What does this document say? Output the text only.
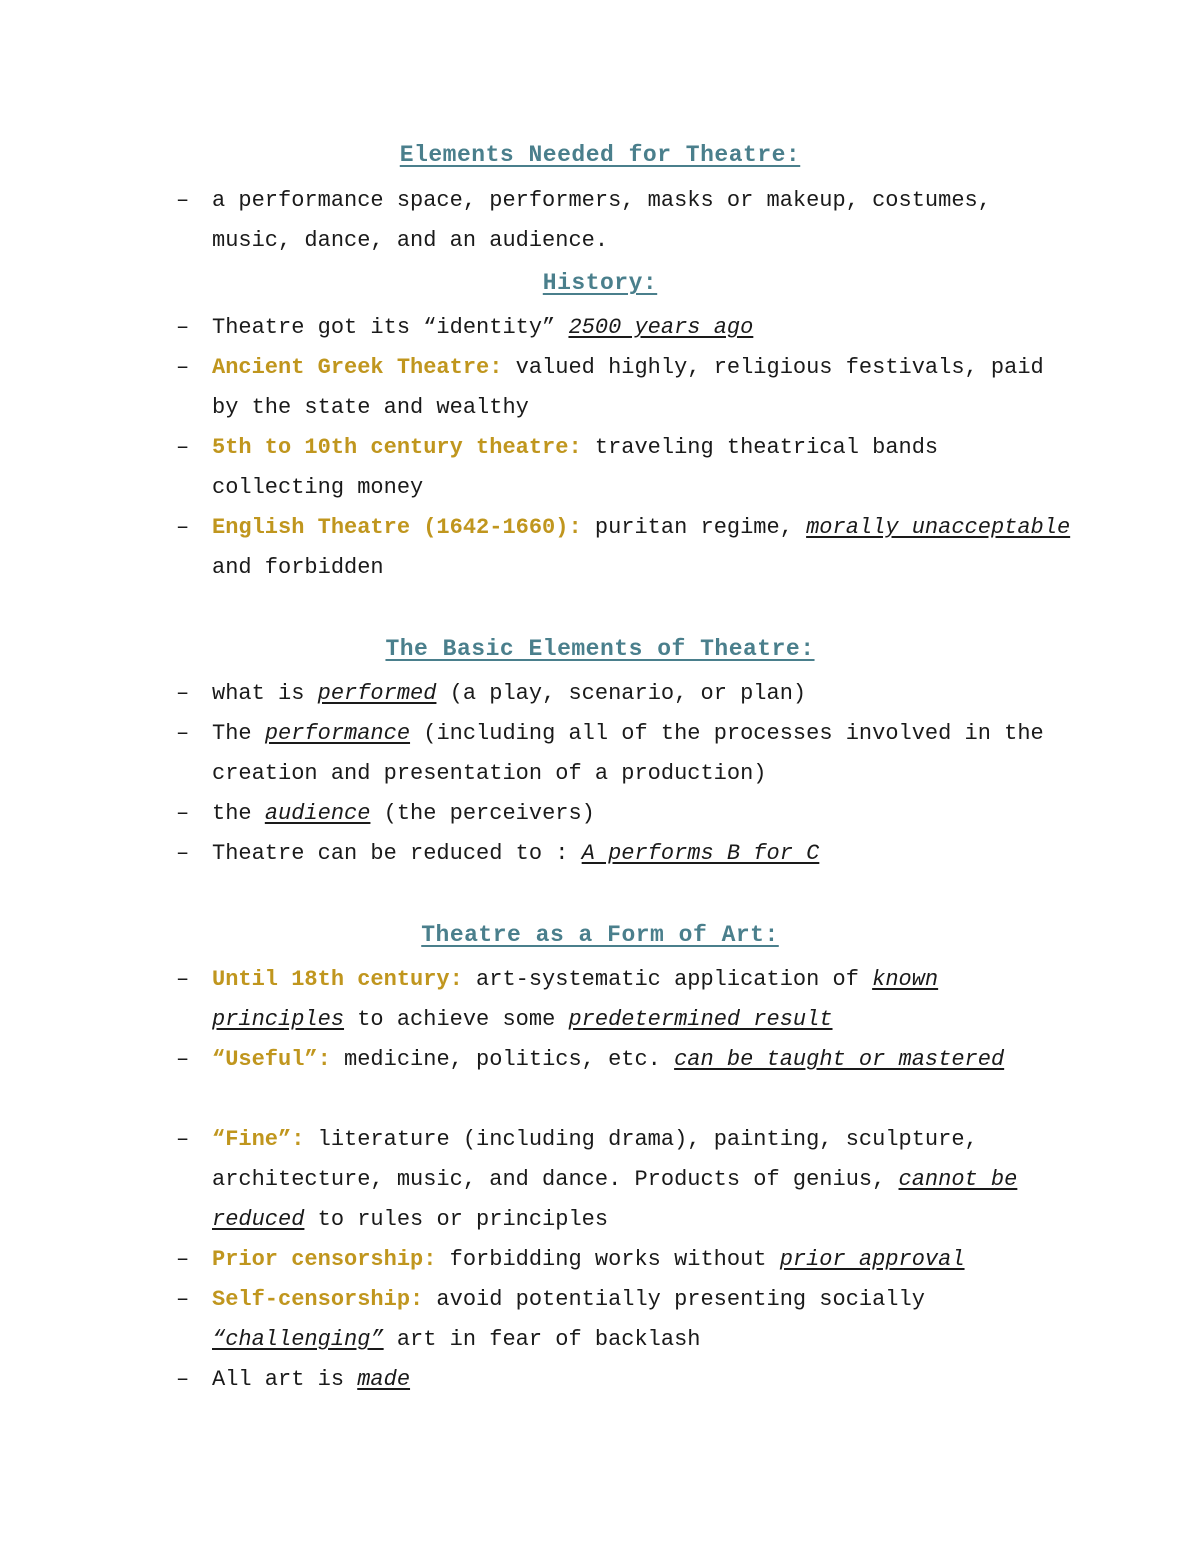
Elements Needed for Theatre:
– a performance space, performers, masks or makeup, costumes, music, dance, and an audience.
History:
– Theatre got its “identity” 2500 years ago
– Ancient Greek Theatre: valued highly, religious festivals, paid by the state and wealthy
– 5th to 10th century theatre: traveling theatrical bands collecting money
– English Theatre (1642-1660): puritan regime, morally unacceptable and forbidden
The Basic Elements of Theatre:
– what is performed (a play, scenario, or plan)
– The performance (including all of the processes involved in the creation and presentation of a production)
– the audience (the perceivers)
– Theatre can be reduced to : A performs B for C
Theatre as a Form of Art:
– Until 18th century: art-systematic application of known principles to achieve some predetermined result
– “Useful”: medicine, politics, etc. can be taught or mastered
– “Fine”: literature (including drama), painting, sculpture, architecture, music, and dance. Products of genius, cannot be reduced to rules or principles
– Prior censorship: forbidding works without prior approval
– Self-censorship: avoid potentially presenting socially “challenging” art in fear of backlash
– All art is made
